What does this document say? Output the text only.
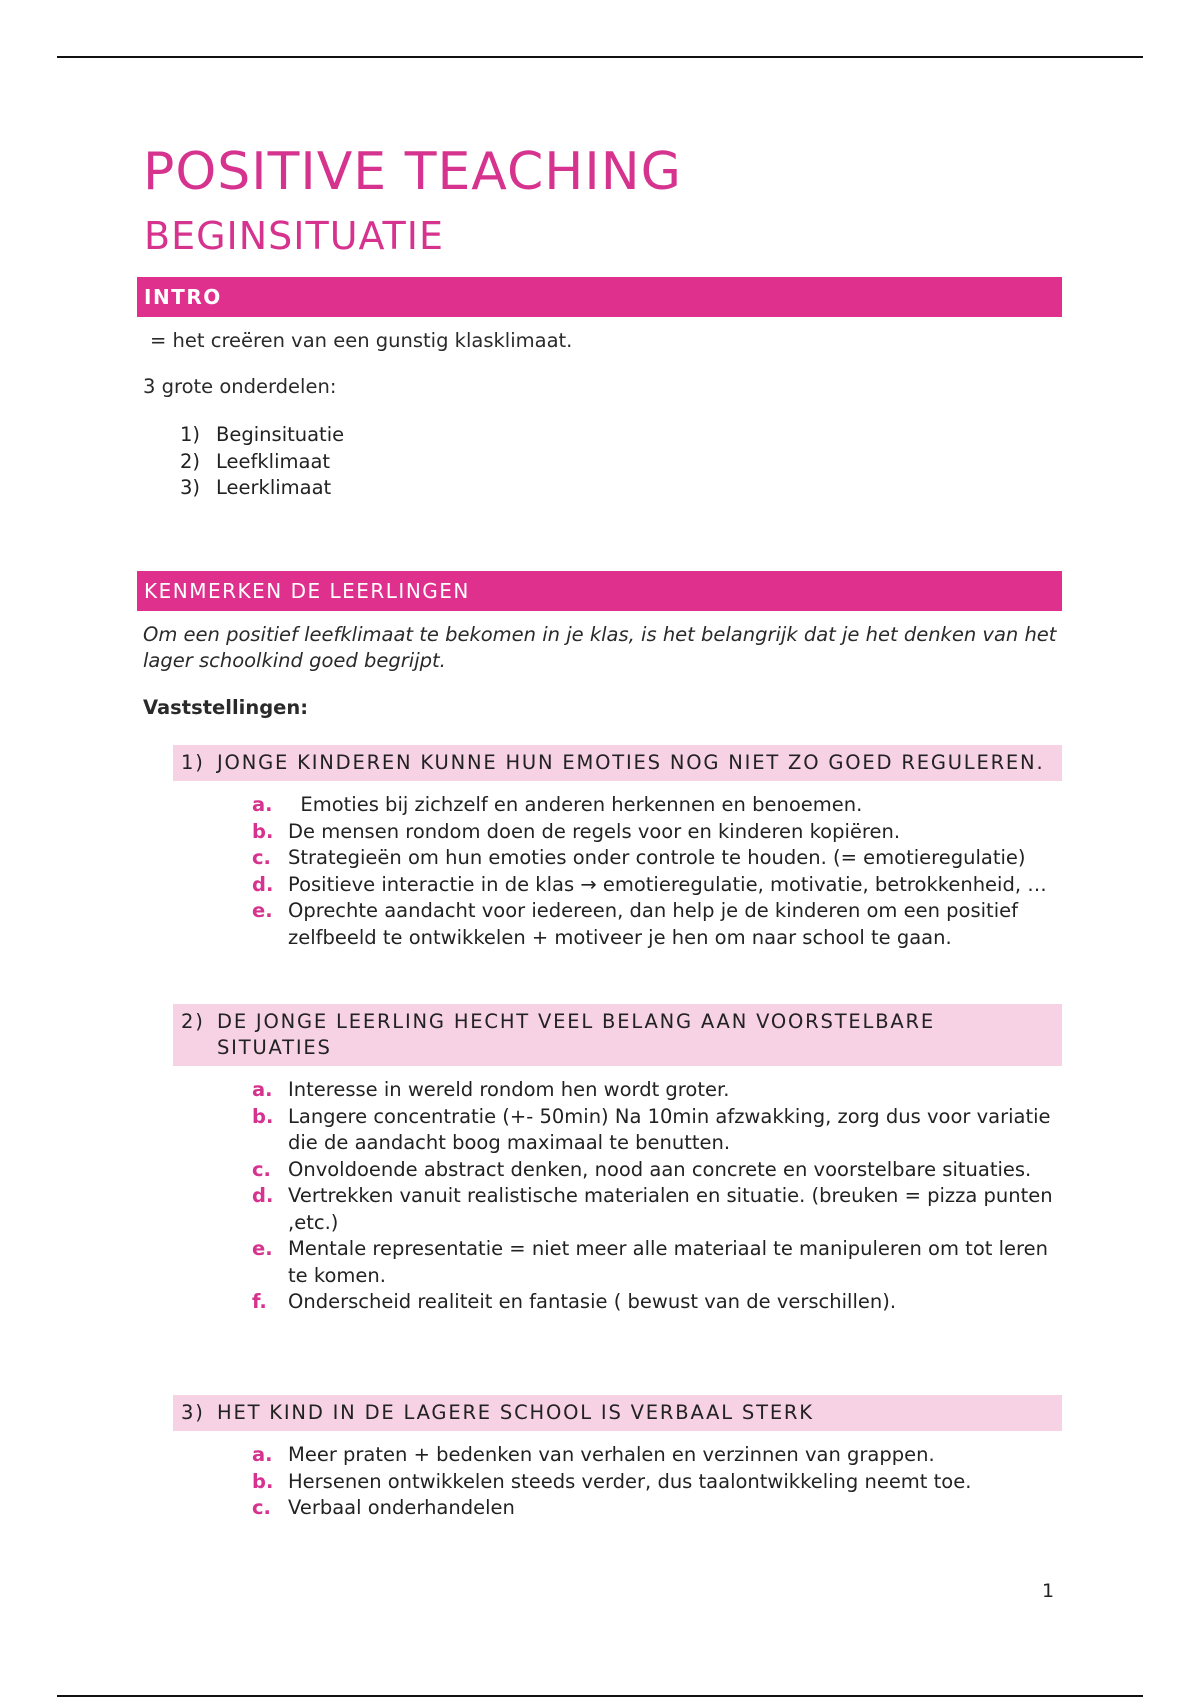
POSITIVE TEACHING
BEGINSITUATIE
INTRO
= het creëren van een gunstig klasklimaat.
3 grote onderdelen:
1) Beginsituatie
2) Leefklimaat
3) Leerklimaat
KENMERKEN DE LEERLINGEN
Om een positief leefklimaat te bekomen in je klas, is het belangrijk dat je het denken van het lager schoolkind goed begrijpt.
Vaststellingen:
1) JONGE KINDEREN KUNNE HUN EMOTIES NOG NIET ZO GOED REGULEREN.
a. Emoties bij zichzelf en anderen herkennen en benoemen.
b. De mensen rondom doen de regels voor en kinderen kopiëren.
c. Strategieën om hun emoties onder controle te houden. (= emotieregulatie)
d. Positieve interactie in de klas → emotieregulatie, motivatie, betrokkenheid, …
e. Oprechte aandacht voor iedereen, dan help je de kinderen om een positief zelfbeeld te ontwikkelen + motiveer je hen om naar school te gaan.
2) DE JONGE LEERLING HECHT VEEL BELANG AAN VOORSTELBARE SITUATIES
a. Interesse in wereld rondom hen wordt groter.
b. Langere concentratie (+- 50min) Na 10min afzwakking, zorg dus voor variatie die de aandacht boog maximaal te benutten.
c. Onvoldoende abstract denken, nood aan concrete en voorstelbare situaties.
d. Vertrekken vanuit realistische materialen en situatie. (breuken = pizza punten ,etc.)
e. Mentale representatie = niet meer alle materiaal te manipuleren om tot leren te komen.
f.	Onderscheid realiteit en fantasie ( bewust van de verschillen).
3) HET KIND IN DE LAGERE SCHOOL IS VERBAAL STERK
a. Meer praten + bedenken van verhalen en verzinnen van grappen.
b. Hersenen ontwikkelen steeds verder, dus taalontwikkeling neemt toe.
c. Verbaal onderhandelen
1
